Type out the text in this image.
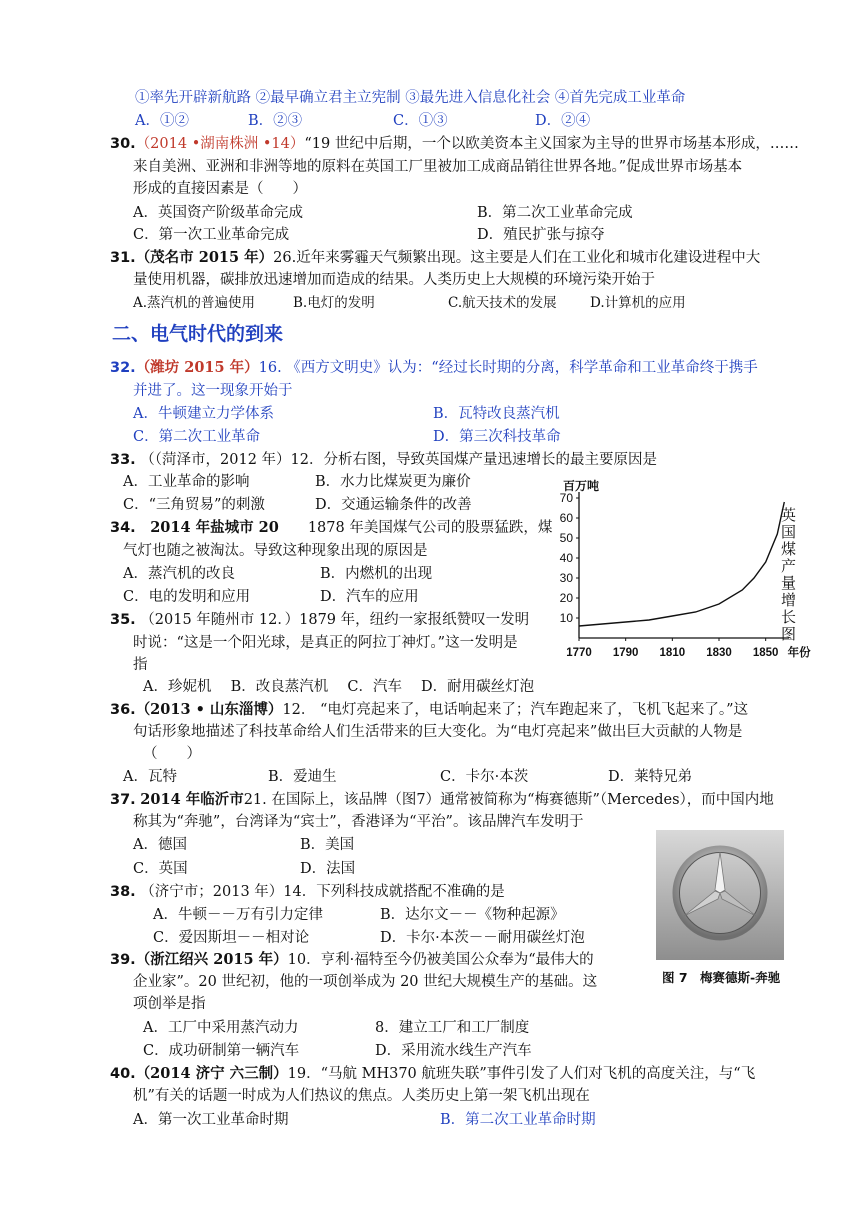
①率先开辟新航路 ②最早确立君主立宪制 ③最先进入信息化社会 ④首先完成工业革命
A．①②	B．②③	C．①③	D．②④
30.（2014 •湖南株洲 •14）“19 世纪中后期，一个以欧美资本主义国家为主导的世界市场基本形成，……
来自美洲、亚洲和非洲等地的原料在英国工厂里被加工成商品销往世界各地。”促成世界市场基本
形成的直接因素是（　　）
A．英国资产阶级革命完成	B．第二次工业革命完成
C．第一次工业革命完成	D．殖民扩张与掠夺
31.（茂名市 2015 年）26.近年来雾霾天气频繁出现。这主要是人们在工业化和城市化建设进程中大
量使用机器，碳排放迅速增加而造成的结果。人类历史上大规模的环境污染开始于
A.蒸汽机的普遍使用	B.电灯的发明	C.航天技术的发展 D.计算机的应用
二、电气时代的到来
32.（潍坊 2015 年）16. 《西方文明史》认为：“经过长时期的分离，科学革命和工业革命终于携手
并进了。这一现象开始于
A．牛顿建立力学体系	B．瓦特改良蒸汽机
C．第二次工业革命	D．第三次科技革命
33. （（菏泽市，2012 年）12．分析右图，导致英国煤产量迅速增长的最主要原因是
A．工业革命的影响	B．水力比煤炭更为廉价
C．“三角贸易”的刺激	D．交通运输条件的改善
34.　 2014 年盐城市 20　　 1878 年美国煤气公司的股票猛跌，煤
气灯也随之被淘汰。导致这种现象出现的原因是
A．蒸汽机的改良	B．内燃机的出现
C．电的发明和应用	D．汽车的应用
35. （2015 年随州市 12．）1879 年，纽约一家报纸赞叹一发明
时说：“这是一个阳光球，是真正的阿拉丁神灯。”这一发明是
指
A．珍妮机　 B．改良蒸汽机　 C．汽车　 D．耐用碳丝灯泡
百万吨
10
20
30
40
50
60
70
1770 1790 1810 1830 1850 年份
英
国
煤
产
量
增
长
图
36.（2013 • 山东淄博）12． “电灯亮起来了，电话响起来了；汽车跑起来了，飞机飞起来了。”这
句话形象地描述了科技革命给人们生活带来的巨大变化。为“电灯亮起来”做出巨大贡献的人物是
（　　）
A．瓦特	B．爱迪生	C．卡尔·本茨	D．莱特兄弟
37. 2014 年临沂市21. 在国际上，该品牌（图7）通常被简称为“梅赛德斯”（Mercedes），而中国内地
称其为“奔驰”，台湾译为“宾士”，香港译为“平治”。该品牌汽车发明于
A．德国	B．美国
C．英国	D．法国
图 7　梅赛德斯-奔驰
38. （济宁市；2013 年）14．下列科技成就搭配不准确的是
A．牛顿－－万有引力定律	B．达尔文－－《物种起源》
C．爱因斯坦－－相对论	D．卡尔·本茨－－耐用碳丝灯泡
39.（浙江绍兴 2015 年）10．亨利·福特至今仍被美国公众奉为“最伟大的
企业家”。20 世纪初，他的一项创举成为 20 世纪大规模生产的基础。这
项创举是指
A．工厂中采用蒸汽动力	8．建立工厂和工厂制度
C．成功研制第一辆汽车	D．采用流水线生产汽车
40.（2014 济宁 六三制）19．“马航 MH370 航班失联”事件引发了人们对飞机的高度关注，与“飞
机”有关的话题一时成为人们热议的焦点。人类历史上第一架飞机出现在
A．第一次工业革命时期	B．第二次工业革命时期
